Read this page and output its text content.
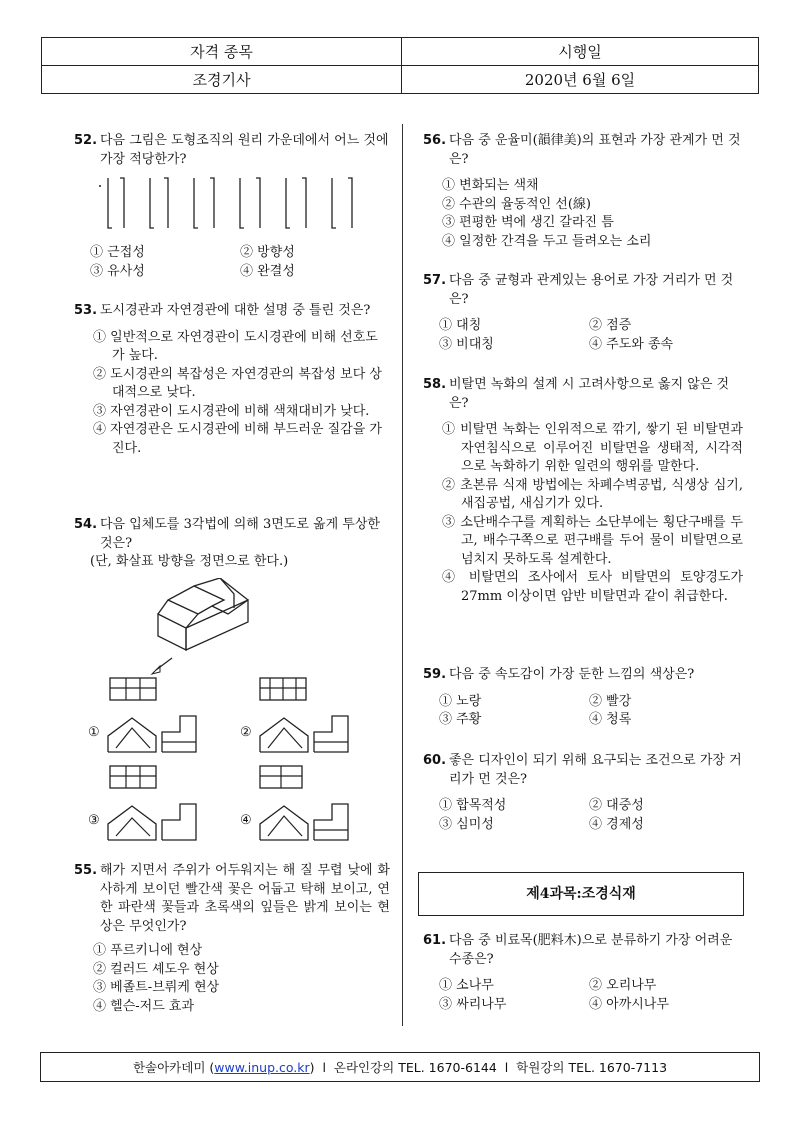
자격 종목	시행일
조경기사	2020년 6월 6일
52. 다음 그림은 도형조직의 원리 가운데에서 어느 것에 가장 적당한가?
① 근접성	② 방향성
③ 유사성	④ 완결성
53. 도시경관과 자연경관에 대한 설명 중 틀린 것은?
① 일반적으로 자연경관이 도시경관에 비해 선호도가 높다.
② 도시경관의 복잡성은 자연경관의 복잡성 보다 상대적으로 낮다.
③ 자연경관이 도시경관에 비해 색채대비가 낮다.
④ 자연경관은 도시경관에 비해 부드러운 질감을 가진다.
54. 다음 입체도를 3각법에 의해 3면도로 옮게 투상한 것은?
(단, 화살표 방향을 정면으로 한다.)
①	②
③	④
55. 해가 지면서 주위가 어두워지는 해 질 무렵 낮에 화사하게 보이던 빨간색 꽃은 어둡고 탁해 보이고, 연한 파란색 꽃들과 초록색의 잎들은 밝게 보이는 현상은 무엇인가?
① 푸르키니에 현상
② 컬러드 셰도우 현상
③ 베졸트-브뤼케 현상
④ 헬슨-저드 효과
56. 다음 중 운율미(韻律美)의 표현과 가장 관계가 먼 것은?
① 변화되는 색채
② 수관의 율동적인 선(線)
③ 편평한 벽에 생긴 갈라진 틈
④ 일정한 간격을 두고 들려오는 소리
57. 다음 중 균형과 관계있는 용어로 가장 거리가 먼 것은?
① 대칭	② 점증
③ 비대칭	④ 주도와 종속
58. 비탈면 녹화의 설계 시 고려사항으로 옳지 않은 것은?
① 비탈면 녹화는 인위적으로 깎기, 쌓기 된 비탈면과 자연침식으로 이루어진 비탈면을 생태적, 시각적으로 녹화하기 위한 일련의 행위를 말한다.
② 초본류 식재 방법에는 차폐수벽공법, 식생상 심기, 새집공법, 새심기가 있다.
③ 소단배수구를 계획하는 소단부에는 횡단구배를 두고, 배수구쪽으로 편구배를 두어 물이 비탈면으로 넘치지 못하도록 설계한다.
④ 비탈면의 조사에서 토사 비탈면의 토양경도가 27mm 이상이면 암반 비탈면과 같이 취급한다.
59. 다음 중 속도감이 가장 둔한 느낌의 색상은?
① 노랑	② 빨강
③ 주황	④ 청록
60. 좋은 디자인이 되기 위해 요구되는 조건으로 가장 거리가 먼 것은?
① 합목적성	② 대중성
③ 심미성	④ 경제성
제4과목:조경식재
61. 다음 중 비료목(肥料木)으로 분류하기 가장 어려운 수종은?
① 소나무	② 오리나무
③ 싸리나무	④ 아까시나무
한솔아카데미 ( www.inup.co.kr )  l  온라인강의 TEL. 1670-6144  l  학원강의 TEL. 1670-7113
